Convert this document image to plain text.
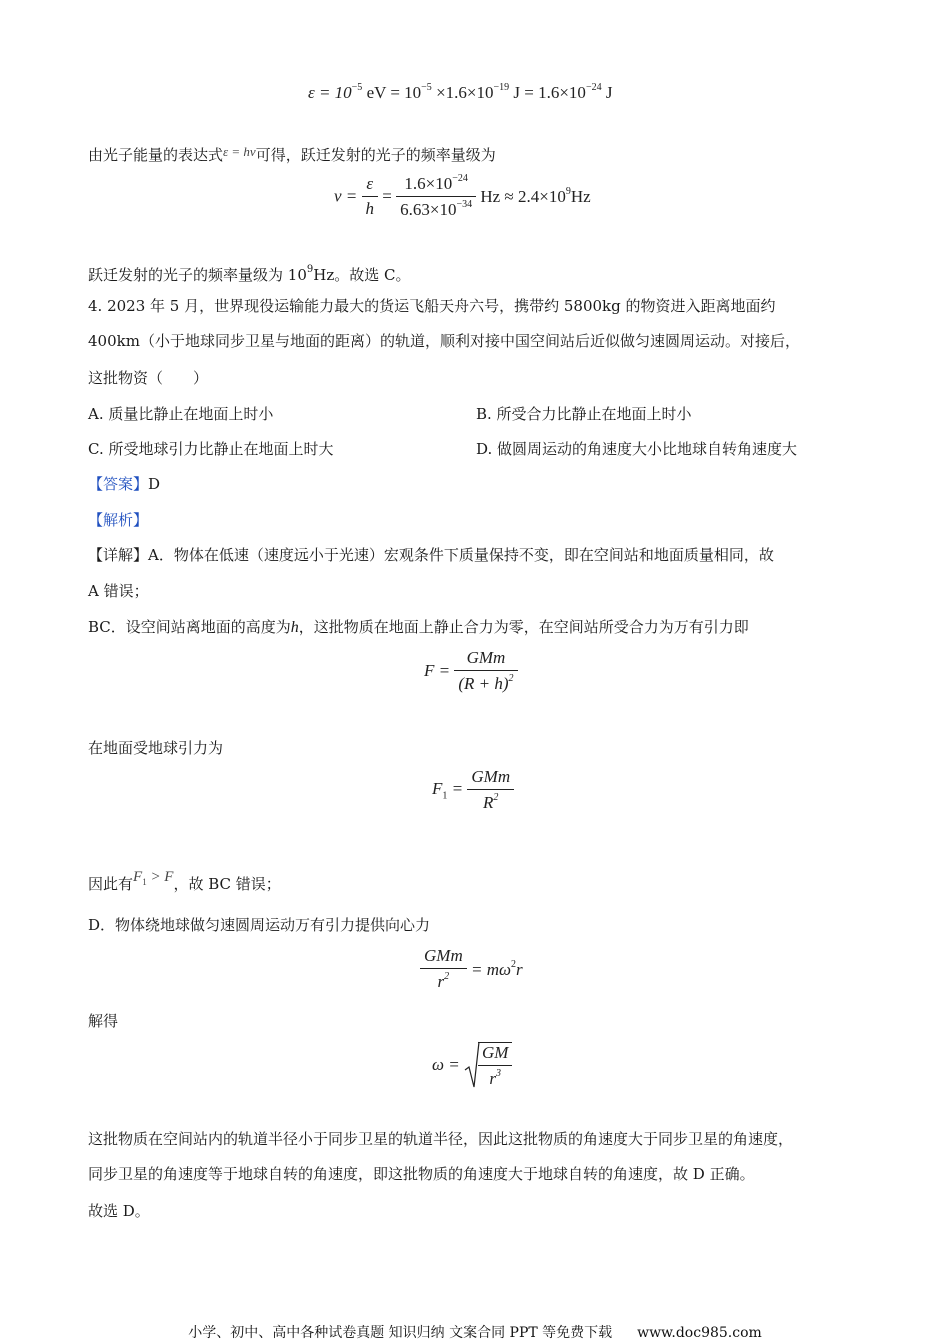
$\varepsilon = 10^{-5}$ eV = $10^{-5} \times 1.6\times 10^{-19}$ $J = 1.6\times 10^{-24}$ J
由光子能量的表达式ε = hν可得，跃迁发射的光子的频率量级为
$\nu = \frac{\varepsilon}{h} = \frac{1.6\times 10^{-24}}{6.63\times 10^{-34}}$ $Hz \approx 2.4\times 10^9Hz$
跃迁发射的光子的频率量级为 $10^9Hz$。故选 C。
4. 2023 年 5 月，世界现役运输能力最大的货运飞船天舟六号，携带约 5800kg 的物资进入距离地面约
400km（小于地球同步卫星与地面的距离）的轨道，顺利对接中国空间站后近似做匀速圆周运动。对接后，
这批物资（　　）
A. 质量比静止在地面上时小	B. 所受合力比静止在地面上时小
C. 所受地球引力比静止在地面上时大	D. 做圆周运动的角速度大小比地球自转角速度大
【答案】D
【解析】
【详解】A．物体在低速（速度远小于光速）宏观条件下质量保持不变，即在空间站和地面质量相同，故
A 错误；
BC．设空间站离地面的高度为h，这批物质在地面上静止合力为零，在空间站所受合力为万有引力即
$F = \frac{\text{GMm}}{(R + h)^2}$
在地面受地球引力为
$F_1 = \frac{\text{GMm}}{R^2}$
因此有$F_1 > F$，故 BC 错误；
D．物体绕地球做匀速圆周运动万有引力提供向心力
$\frac{\text{GMm}}{r^2} = m\omega^2r$
解得
$\omega = \frac{GM}{r^3}$
这批物质在空间站内的轨道半径小于同步卫星的轨道半径，因此这批物质的角速度大于同步卫星的角速度，
同步卫星的角速度等于地球自转的角速度，即这批物质的角速度大于地球自转的角速度，故 D 正确。
故选 D。
小学、初中、高中各种试卷真题 知识归纳 文案合同 PPT 等免费下载 www.doc985.com
